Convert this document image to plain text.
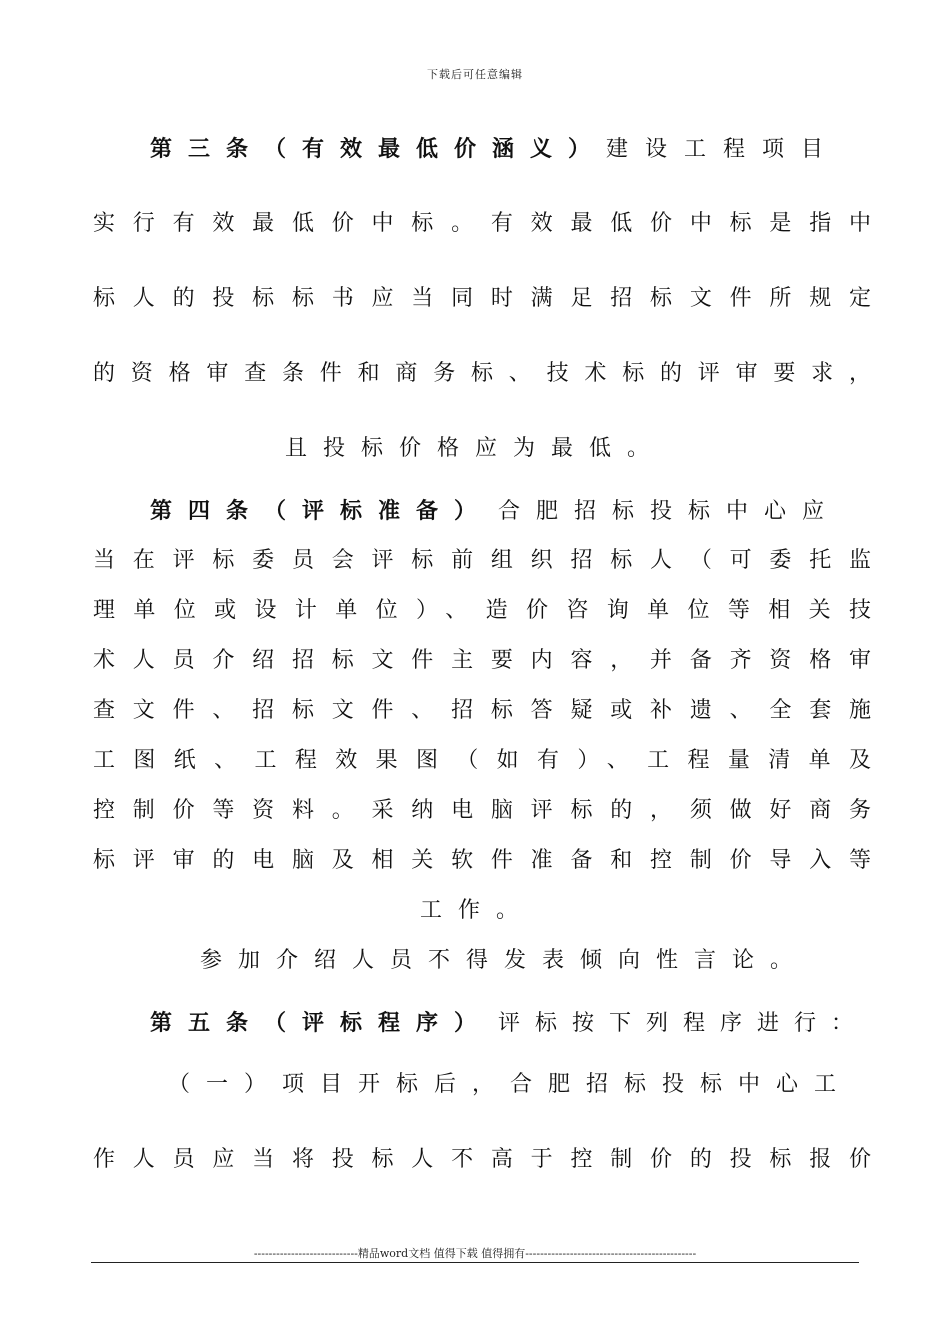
下载后可任意编辑
第三条（有效最低价涵义）建设工程项目
实行有效最低价中标。有效最低价中标是指中
标人的投标标书应当同时满足招标文件所规定
的资格审查条件和商务标、技术标的评审要求，
且投标价格应为最低。
第四条（评标准备） 合肥招标投标中心应
当在评标委员会评标前组织招标人（可委托监
理单位或设计单位）、造价咨询单位等相关技
术人员介绍招标文件主要内容，并备齐资格审
查文件、招标文件、招标答疑或补遗、全套施
工图纸、工程效果图（如有）、工程量清单及
控制价等资料。采纳电脑评标的，须做好商务
标评审的电脑及相关软件准备和控制价导入等
工作。
参加介绍人员不得发表倾向性言论。
第五条（评标程序） 评标按下列程序进行：
（一）项目开标后，合肥招标投标中心工
作人员应当将投标人不高于控制价的投标报价
----------------------------精品word文档 值得下载 值得拥有----------------------------------------------
